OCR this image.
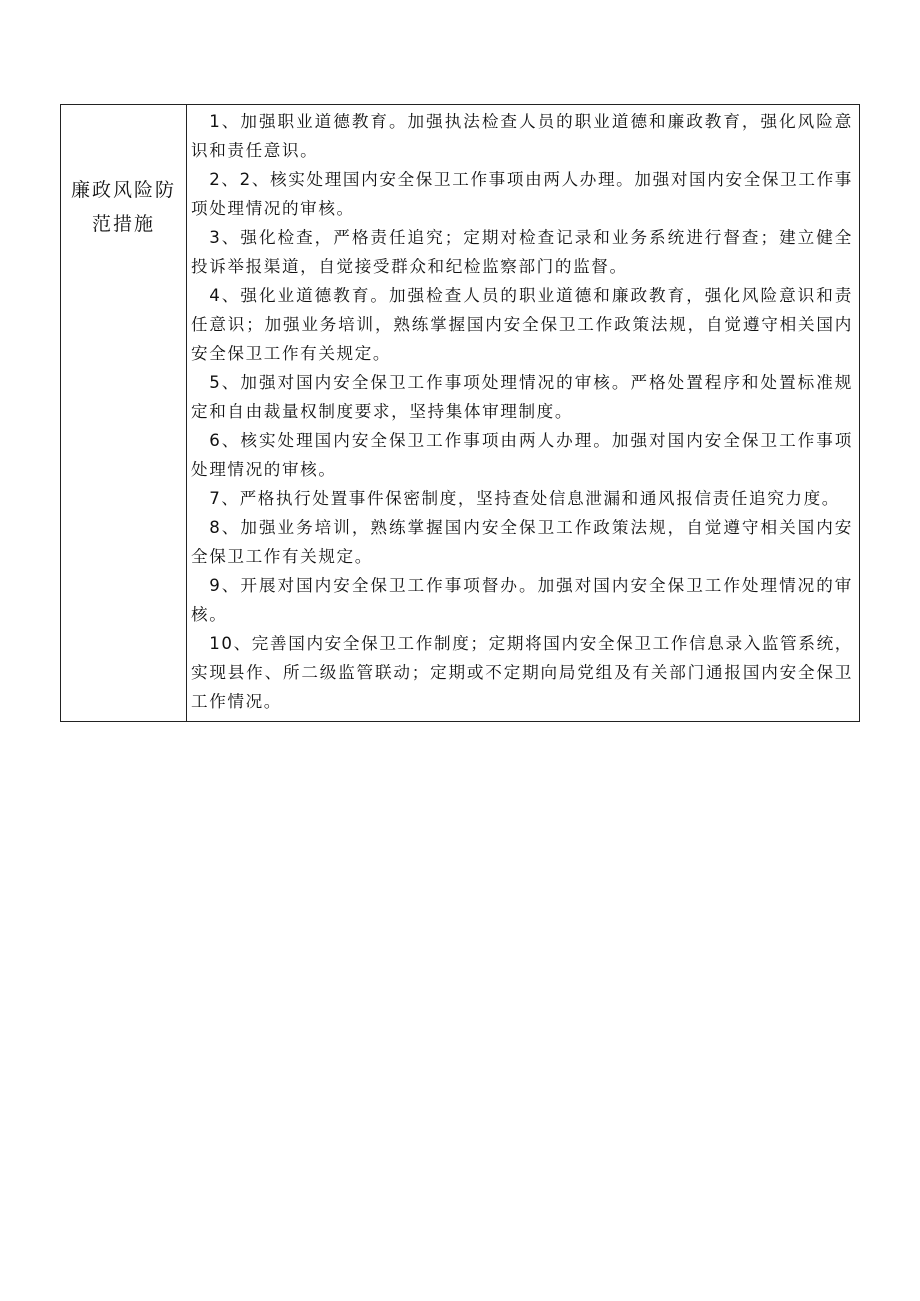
廉政风险防范措施

1、加强职业道德教育。加强执法检查人员的职业道德和廉政教育，强化风险意识和责任意识。

2、2、核实处理国内安全保卫工作事项由两人办理。加强对国内安全保卫工作事项处理情况的审核。

3、强化检查，严格责任追究；定期对检查记录和业务系统进行督查；建立健全投诉举报渠道，自觉接受群众和纪检监察部门的监督。

4、强化业道德教育。加强检查人员的职业道德和廉政教育，强化风险意识和责任意识；加强业务培训，熟练掌握国内安全保卫工作政策法规，自觉遵守相关国内安全保卫工作有关规定。

5、加强对国内安全保卫工作事项处理情况的审核。严格处置程序和处置标准规定和自由裁量权制度要求，坚持集体审理制度。

6、核实处理国内安全保卫工作事项由两人办理。加强对国内安全保卫工作事项处理情况的审核。

7、严格执行处置事件保密制度，坚持查处信息泄漏和通风报信责任追究力度。

8、加强业务培训，熟练掌握国内安全保卫工作政策法规，自觉遵守相关国内安全保卫工作有关规定。

9、开展对国内安全保卫工作事项督办。加强对国内安全保卫工作处理情况的审核。

10、完善国内安全保卫工作制度；定期将国内安全保卫工作信息录入监管系统，实现县作、所二级监管联动；定期或不定期向局党组及有关部门通报国内安全保卫工作情况。
